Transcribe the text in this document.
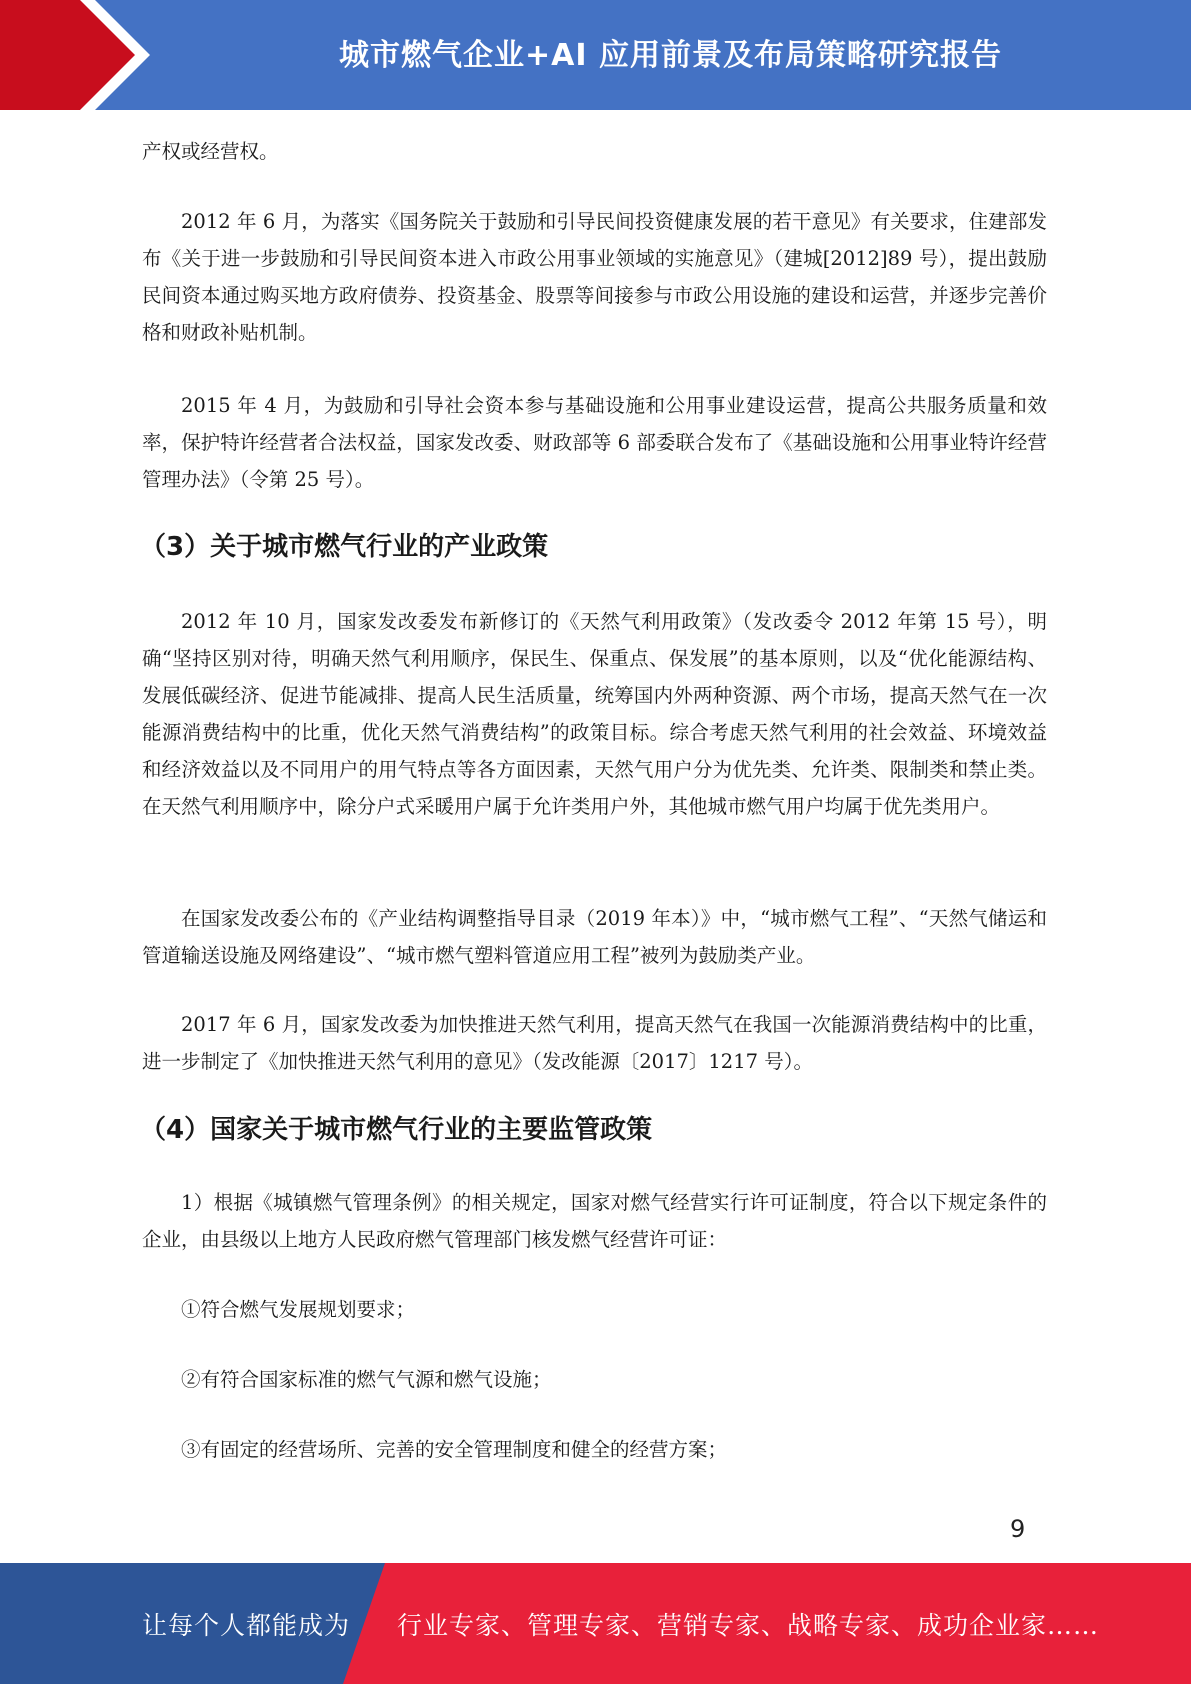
城市燃气企业+AI 应用前景及布局策略研究报告

产权或经营权。

2012 年 6 月，为落实《国务院关于鼓励和引导民间投资健康发展的若干意见》有关要求，住建部发布《关于进一步鼓励和引导民间资本进入市政公用事业领域的实施意见》（建城[2012]89 号），提出鼓励民间资本通过购买地方政府债券、投资基金、股票等间接参与市政公用设施的建设和运营，并逐步完善价格和财政补贴机制。

2015 年 4 月，为鼓励和引导社会资本参与基础设施和公用事业建设运营，提高公共服务质量和效率，保护特许经营者合法权益，国家发改委、财政部等 6 部委联合发布了《基础设施和公用事业特许经营管理办法》（令第 25 号）。

（3）关于城市燃气行业的产业政策

2012 年 10 月，国家发改委发布新修订的《天然气利用政策》（发改委令 2012 年第 15 号），明确“坚持区别对待，明确天然气利用顺序，保民生、保重点、保发展”的基本原则，以及“优化能源结构、发展低碳经济、促进节能减排、提高人民生活质量，统筹国内外两种资源、两个市场，提高天然气在一次能源消费结构中的比重，优化天然气消费结构”的政策目标。综合考虑天然气利用的社会效益、环境效益和经济效益以及不同用户的用气特点等各方面因素，天然气用户分为优先类、允许类、限制类和禁止类。在天然气利用顺序中，除分户式采暖用户属于允许类用户外，其他城市燃气用户均属于优先类用户。

在国家发改委公布的《产业结构调整指导目录（2019 年本）》中，“城市燃气工程”、“天然气储运和管道输送设施及网络建设”、“城市燃气塑料管道应用工程”被列为鼓励类产业。

2017 年 6 月，国家发改委为加快推进天然气利用，提高天然气在我国一次能源消费结构中的比重，进一步制定了《加快推进天然气利用的意见》（发改能源〔2017〕1217 号）。

（4）国家关于城市燃气行业的主要监管政策

1）根据《城镇燃气管理条例》的相关规定，国家对燃气经营实行许可证制度，符合以下规定条件的企业，由县级以上地方人民政府燃气管理部门核发燃气经营许可证：

①符合燃气发展规划要求；

②有符合国家标准的燃气气源和燃气设施；

③有固定的经营场所、完善的安全管理制度和健全的经营方案；

9
让每个人都能成为 行业专家、管理专家、营销专家、战略专家、成功企业家……
